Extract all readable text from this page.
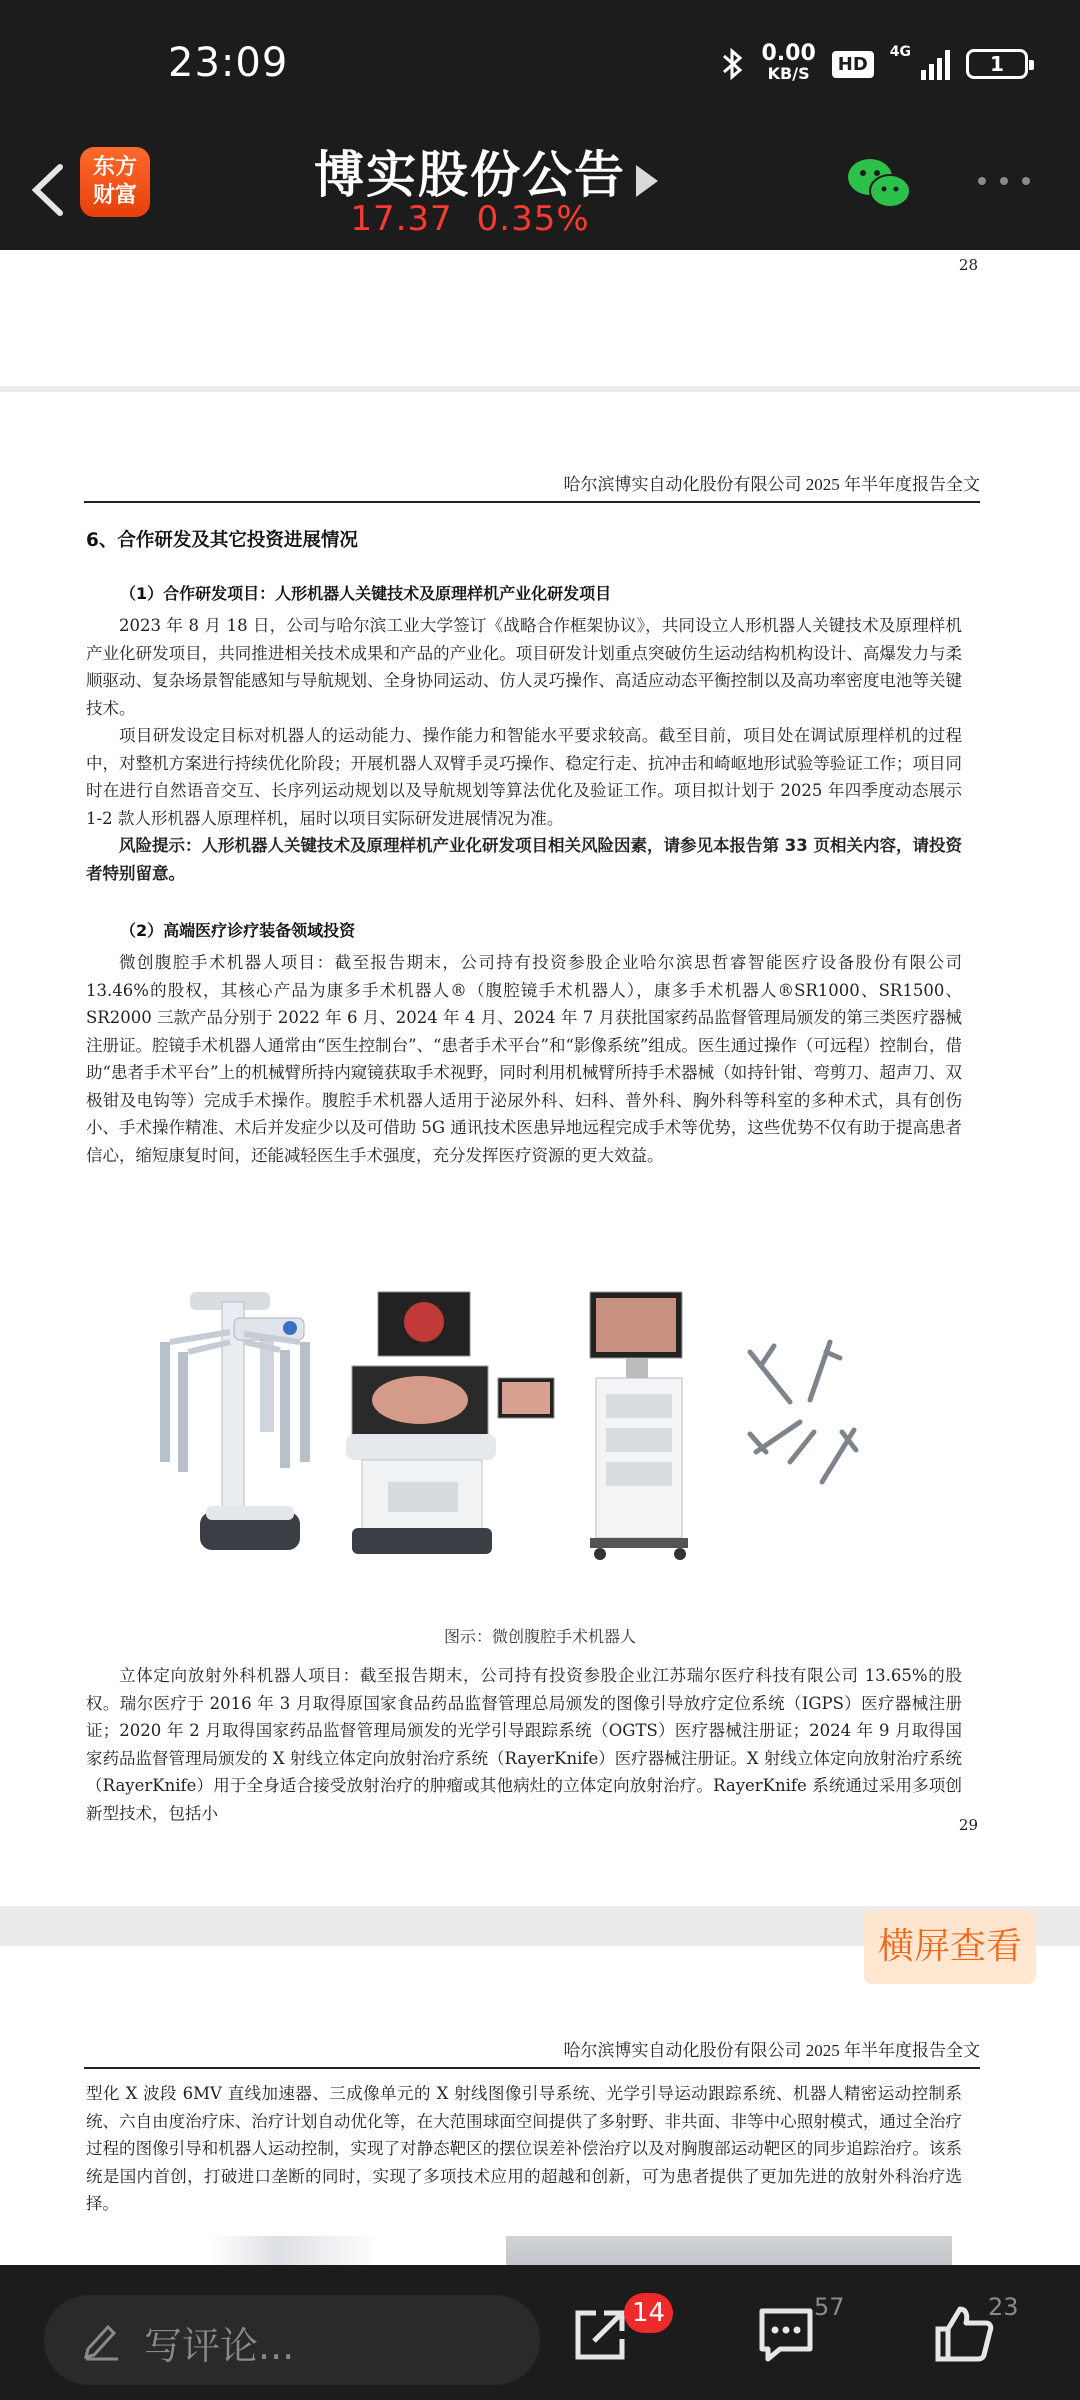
23:09	0.00
KB/S	HD
4G	1
东方
财富	博实股份公告
17.37 0.35%
28
哈尔滨博实自动化股份有限公司 2025 年半年度报告全文
6、合作研发及其它投资进展情况
（1）合作研发项目：人形机器人关键技术及原理样机产业化研发项目

2023 年 8 月 18 日，公司与哈尔滨工业大学签订《战略合作框架协议》，共同设立人形机器人关键技术及原理样机产业化研发项目，共同推进相关技术成果和产品的产业化。项目研发计划重点突破仿生运动结构机构设计、高爆发力与柔顺驱动、复杂场景智能感知与导航规划、全身协同运动、仿人灵巧操作、高适应动态平衡控制以及高功率密度电池等关键技术。

项目研发设定目标对机器人的运动能力、操作能力和智能水平要求较高。截至目前，项目处在调试原理样机的过程中，对整机方案进行持续优化阶段；开展机器人双臂手灵巧操作、稳定行走、抗冲击和崎岖地形试验等验证工作；项目同时在进行自然语音交互、长序列运动规划以及导航规划等算法优化及验证工作。项目拟计划于 2025 年四季度动态展示 1-2 款人形机器人原理样机，届时以项目实际研发进展情况为准。

风险提示：人形机器人关键技术及原理样机产业化研发项目相关风险因素，请参见本报告第 33 页相关内容，请投资者特别留意。

（2）高端医疗诊疗装备领域投资

微创腹腔手术机器人项目：截至报告期末，公司持有投资参股企业哈尔滨思哲睿智能医疗设备股份有限公司 13.46%的股权，其核心产品为康多手术机器人®（腹腔镜手术机器人），康多手术机器人®SR1000、SR1500、SR2000 三款产品分别于 2022 年 6 月、2024 年 4 月、2024 年 7 月获批国家药品监督管理局颁发的第三类医疗器械注册证。腔镜手术机器人通常由“医生控制台”、“患者手术平台”和“影像系统”组成。医生通过操作（可远程）控制台，借助“患者手术平台”上的机械臂所持内窥镜获取手术视野，同时利用机械臂所持手术器械（如持针钳、弯剪刀、超声刀、双极钳及电钩等）完成手术操作。腹腔手术机器人适用于泌尿外科、妇科、普外科、胸外科等科室的多种术式，具有创伤小、手术操作精准、术后并发症少以及可借助 5G 通讯技术医患异地远程完成手术等优势，这些优势不仅有助于提高患者信心，缩短康复时间，还能减轻医生手术强度，充分发挥医疗资源的更大效益。

图示：微创腹腔手术机器人

立体定向放射外科机器人项目：截至报告期末，公司持有投资参股企业江苏瑞尔医疗科技有限公司 13.65%的股权。瑞尔医疗于 2016 年 3 月取得原国家食品药品监督管理总局颁发的图像引导放疗定位系统（IGPS）医疗器械注册证；2020 年 2 月取得国家药品监督管理局颁发的光学引导跟踪系统（OGTS）医疗器械注册证；2024 年 9 月取得国家药品监督管理局颁发的 X 射线立体定向放射治疗系统（RayerKnife）医疗器械注册证。X 射线立体定向放射治疗系统（RayerKnife）用于全身适合接受放射治疗的肿瘤或其他病灶的立体定向放射治疗。RayerKnife 系统通过采用多项创新型技术，包括小

29
哈尔滨博实自动化股份有限公司 2025 年半年度报告全文

型化 X 波段 6MV 直线加速器、三成像单元的 X 射线图像引导系统、光学引导运动跟踪系统、机器人精密运动控制系统、六自由度治疗床、治疗计划自动优化等，在大范围球面空间提供了多射野、非共面、非等中心照射模式，通过全治疗过程的图像引导和机器人运动控制，实现了对静态靶区的摆位误差补偿治疗以及对胸腹部运动靶区的同步追踪治疗。该系统是国内首创，打破进口垄断的同时，实现了多项技术应用的超越和创新，可为患者提供了更加先进的放射外科治疗选择。

横屏查看
写评论...
14	57	23
